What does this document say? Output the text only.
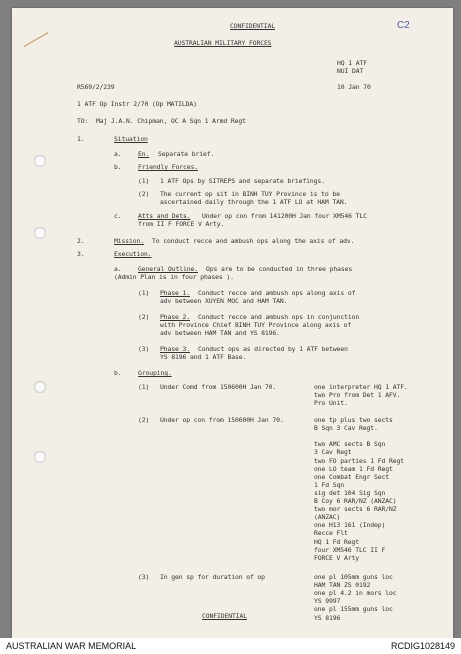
CONFIDENTIAL
AUSTRALIAN MILITARY FORCES
C2
HQ 1 ATF
NUI DAT
10 Jan 70
R569/2/239
1 ATF Op Instr 2/70 (Op MATILDA)
TO: Maj J.A.N. Chipman, OC A Sqn 1 Armd Regt
1.	Situation
a.	En. Separate brief.
b.	Friendly Forces.
(1) 1 ATF Ops by SITREPS and separate briefings.
(2) The current op sit in BINH TUY Province is to be
ascertained daily through the 1 ATF LO at HAM TAN.
c.	Atts and Dets. Under op con from 141200H Jan four XM546 TLC
from II F FORCE V Arty.
2.	Mission. To conduct recce and ambush ops along the axis of adv.
3.	Execution.
a.	General Outline. Ops are to be conducted in three phases
(Admin Plan is in four phases ).
(1) Phase 1. Conduct recce and ambush ops along axis of
adv between XUYEN MOC and HAM TAN.
(2) Phase 2. Conduct recce and ambush ops in conjunction
with Province Chief BINH TUY Province along axis of
adv between HAM TAN and YS 8196.
(3) Phase 3. Conduct ops as directed by 1 ATF between
YS 8196 and 1 ATF Base.
b.	Grouping.
(1) Under Comd from 150600H Jan 70.	one interpreter HQ 1 ATF.
two Pro from Det 1 AFV.
Pro Unit.
(2) Under op con from 150600H Jan 70.	one tp plus two sects
B Sqn 3 Cav Regt.
two AMC sects B Sqn
3 Cav Regt
two FO parties 1 Fd Regt
one LO team 1 Fd Regt
one Combat Engr Sect
1 Fd Sqn
sig det 104 Sig Sqn
B Coy 6 RAR/NZ (ANZAC)
two mor sects 6 RAR/NZ
(ANZAC)
one H13 161 (Indep)
Recce Flt
HQ 1 Fd Regt
four XM546 TLC II F
FORCE V Arty
(3) In gen sp for duration of op	one pl 105mm guns loc
HAM TAN ZS 0192
one pl 4.2 in mors loc
YS 9997
one pl 155mm guns loc
YS 8196
CONFIDENTIAL
AUSTRALIAN WAR MEMORIAL	RCDIG1028149
